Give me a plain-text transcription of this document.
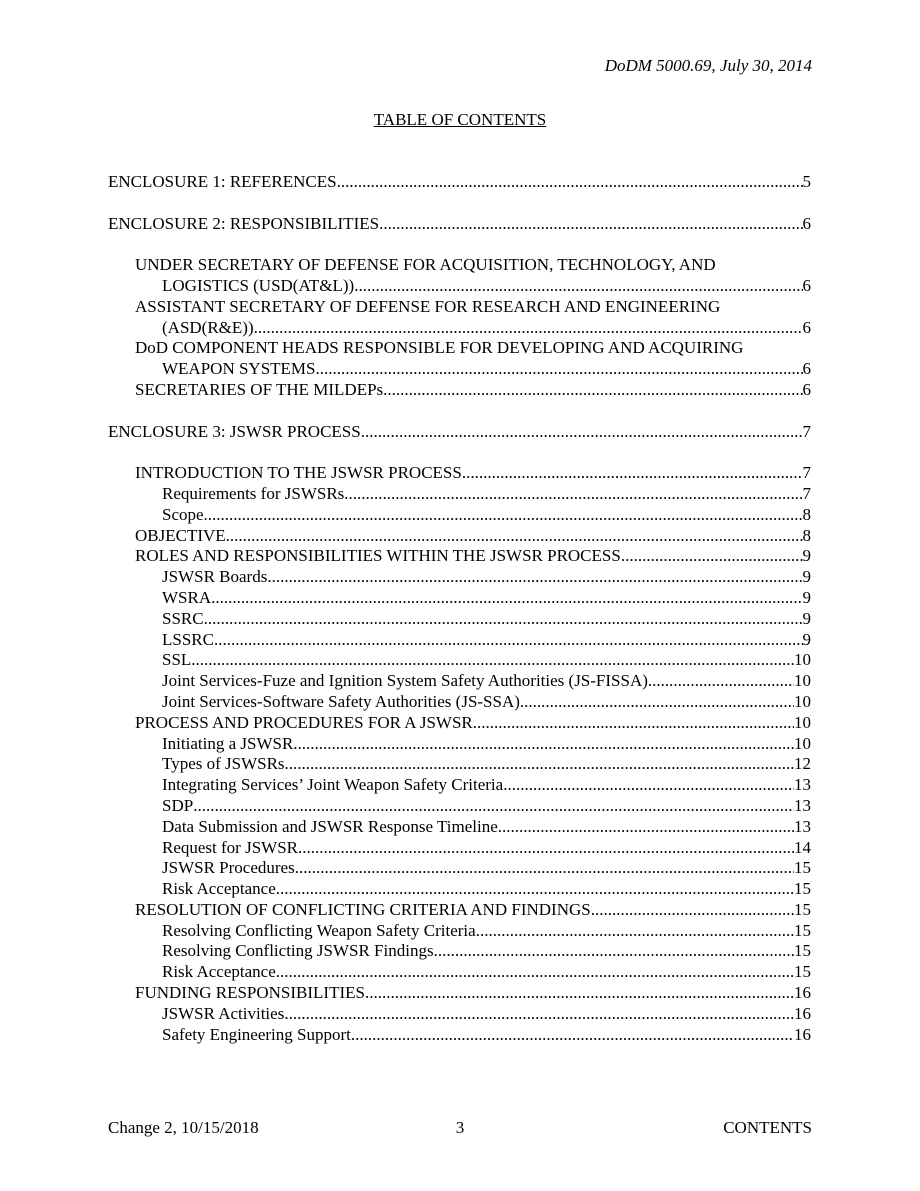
DoDM 5000.69, July 30, 2014
TABLE OF CONTENTS
ENCLOSURE 1: REFERENCES .....	5
ENCLOSURE 2: RESPONSIBILITIES .....	6
UNDER SECRETARY OF DEFENSE FOR ACQUISITION, TECHNOLOGY, AND
LOGISTICS (USD(AT&L)) .....	6
ASSISTANT SECRETARY OF DEFENSE FOR RESEARCH AND ENGINEERING
(ASD(R&E)). .....	6
DoD COMPONENT HEADS RESPONSIBLE FOR DEVELOPING AND ACQUIRING
WEAPON SYSTEMS .....	6
SECRETARIES OF THE MILDEPs. .....	6
ENCLOSURE 3: JSWSR PROCESS .....	7
INTRODUCTION TO THE JSWSR PROCESS .....	7
Requirements for JSWSRs .....	7
Scope .....	8
OBJECTIVE .....	8
ROLES AND RESPONSIBILITIES WITHIN THE JSWSR PROCESS .....	9
JSWSR Boards .....	9
WSRA .....	9
SSRC .....	9
LSSRC .....	9
SSL .....	10
Joint Services-Fuze and Ignition System Safety Authorities (JS-FISSA) .....	10
Joint Services-Software Safety Authorities (JS-SSA) .....	10
PROCESS AND PROCEDURES FOR A JSWSR .....	10
Initiating a JSWSR .....	10
Types of JSWSRs .....	12
Integrating Services’ Joint Weapon Safety Criteria .....	13
SDP .....	13
Data Submission and JSWSR Response Timeline .....	13
Request for JSWSR .....	14
JSWSR Procedures .....	15
Risk Acceptance .....	15
RESOLUTION OF CONFLICTING CRITERIA AND FINDINGS .....	15
Resolving Conflicting Weapon Safety Criteria .....	15
Resolving Conflicting JSWSR Findings .....	15
Risk Acceptance .....	15
FUNDING RESPONSIBILITIES .....	16
JSWSR Activities .....	16
Safety Engineering Support .....	16
Change 2, 10/15/2018	3	CONTENTS
